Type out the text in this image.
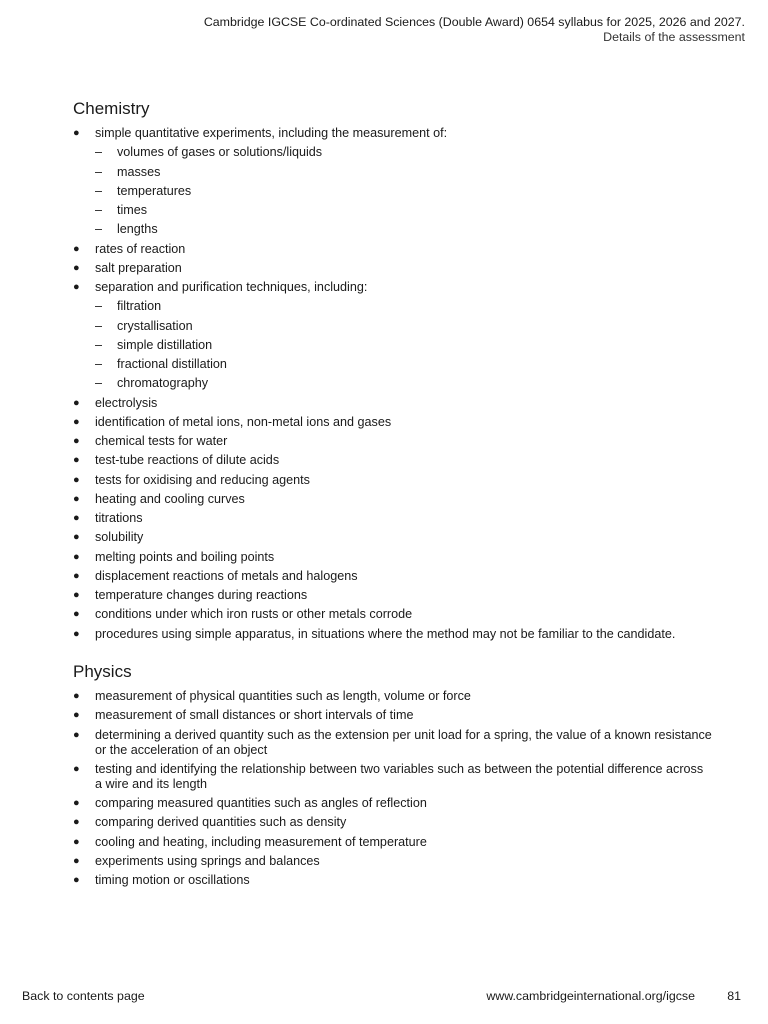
Cambridge IGCSE Co-ordinated Sciences (Double Award) 0654 syllabus for 2025, 2026 and 2027.
Details of the assessment
Chemistry
●	simple quantitative experiments, including the measurement of:
–	volumes of gases or solutions/liquids
–	masses
–	temperatures
–	times
–	lengths
●	rates of reaction
●	salt preparation
●	separation and purification techniques, including:
–	filtration
–	crystallisation
–	simple distillation
–	fractional distillation
–	chromatography
●	electrolysis
●	identification of metal ions, non-metal ions and gases
●	chemical tests for water
●	test-tube reactions of dilute acids
●	tests for oxidising and reducing agents
●	heating and cooling curves
●	titrations
●	solubility
●	melting points and boiling points
●	displacement reactions of metals and halogens
●	temperature changes during reactions
●	conditions under which iron rusts or other metals corrode
●	procedures using simple apparatus, in situations where the method may not be familiar to the candidate.
Physics
●	measurement of physical quantities such as length, volume or force
●	measurement of small distances or short intervals of time
●	determining a derived quantity such as the extension per unit load for a spring, the value of a known resistance or the acceleration of an object
●	testing and identifying the relationship between two variables such as between the potential difference across a wire and its length
●	comparing measured quantities such as angles of reflection
●	comparing derived quantities such as density
●	cooling and heating, including measurement of temperature
●	experiments using springs and balances
●	timing motion or oscillations
Back to contents page	www.cambridgeinternational.org/igcse	81
